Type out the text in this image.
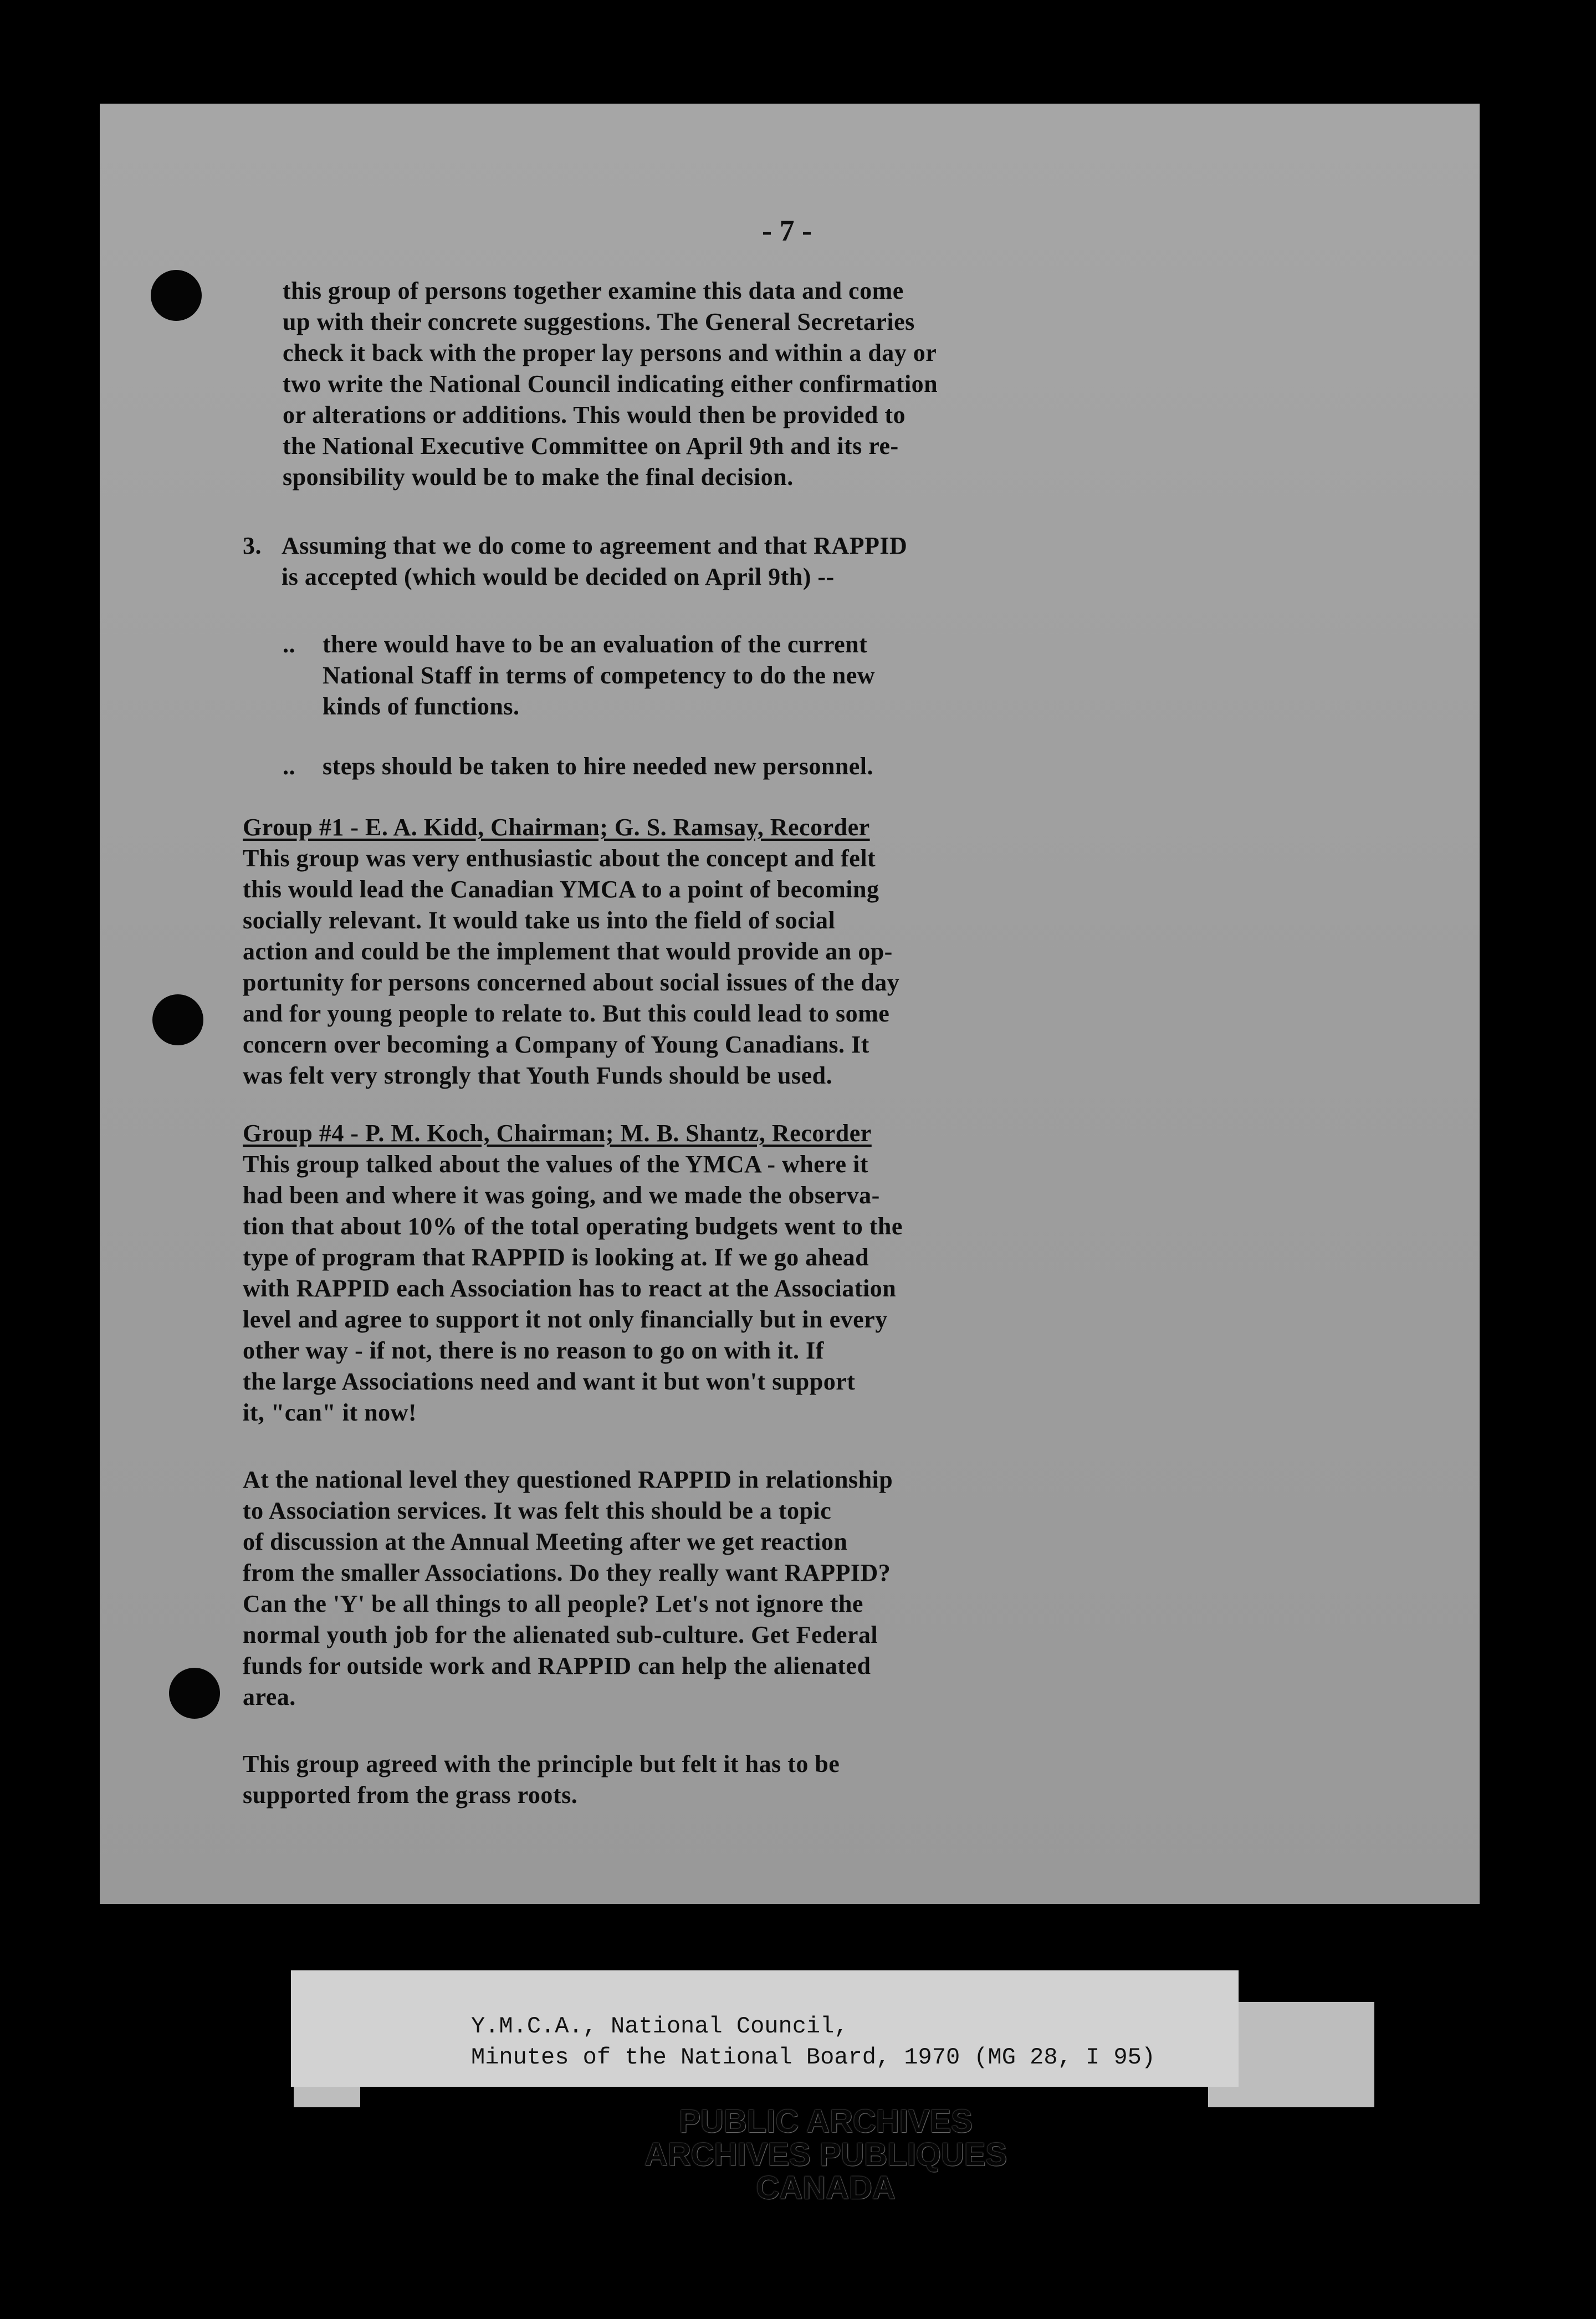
- 7 -

this group of persons together examine this data and come

up with their concrete suggestions. The General Secretaries

check it back with the proper lay persons and within a day or

two write the National Council indicating either confirmation

or alterations or additions. This would then be provided to

the National Executive Committee on April 9th and its re-

sponsibility would be to make the final decision.

3. Assuming that we do come to agreement and that RAPPID

is accepted (which would be decided on April 9th) --

.. there would have to be an evaluation of the current

National Staff in terms of competency to do the new

kinds of functions.

.. steps should be taken to hire needed new personnel.

Group #1 - E. A. Kidd, Chairman; G. S. Ramsay, Recorder

This group was very enthusiastic about the concept and felt

this would lead the Canadian YMCA to a point of becoming

socially relevant. It would take us into the field of social

action and could be the implement that would provide an op-

portunity for persons concerned about social issues of the day

and for young people to relate to. But this could lead to some

concern over becoming a Company of Young Canadians. It

was felt very strongly that Youth Funds should be used.

Group #4 - P. M. Koch, Chairman; M. B. Shantz, Recorder

This group talked about the values of the YMCA - where it

had been and where it was going, and we made the observa-

tion that about 10% of the total operating budgets went to the

type of program that RAPPID is looking at. If we go ahead

with RAPPID each Association has to react at the Association

level and agree to support it not only financially but in every

other way - if not, there is no reason to go on with it. If

the large Associations need and want it but won't support

it, "can" it now!

At the national level they questioned RAPPID in relationship

to Association services. It was felt this should be a topic

of discussion at the Annual Meeting after we get reaction

from the smaller Associations. Do they really want RAPPID?

Can the 'Y' be all things to all people? Let's not ignore the

normal youth job for the alienated sub-culture. Get Federal

funds for outside work and RAPPID can help the alienated

area.

This group agreed with the principle but felt it has to be

supported from the grass roots.

Y.M.C.A., National Council,

Minutes of the National Board, 1970 (MG 28, I 95)

PUBLIC ARCHIVES

ARCHIVES PUBLIQUES

CANADA
